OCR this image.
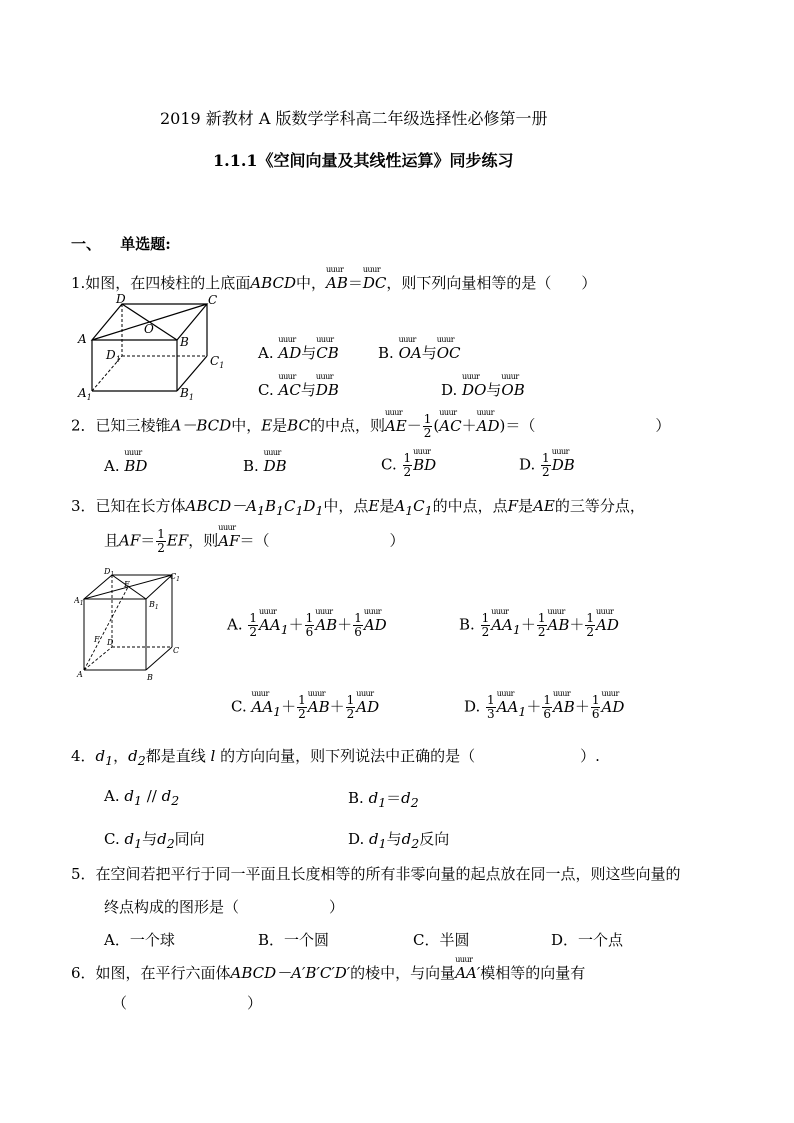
2019 新教材 A 版数学学科高二年级选择性必修第一册
1.1.1《空间向量及其线性运算》同步练习
一、 单选题:
1.如图，在四棱柱的上底面ABCD中，uuur AB＝uuur DC，则下列向量相等的是（　　）
D	C
O
A	B
$D_1$	$C_1$
$A_1$	$B_1$
A. uuur AD与uuur CB	B. uuur OA与uuur OC
C. uuur AC与uuur DB	D. uuur DO与uuur OB
2．已知三棱锥A－BCD中，E是BC的中点，则uuur $AE- \frac{1}{2}$ (uuur AC＋uuur AD)＝（　　　　　　　　）
A. uuur BD	B. uuur DB	C. $\frac{1}{2}$ uuur BD	D. $\frac{1}{2}$ uuur DB
3．已知在长方体$ABCD-A_1B_1C_1D_1$中，点E是$A_1C_1$的中点，点F是AE的三等分点，
且$AF= \frac{1}{2}$ EF，则uuur AF＝（　　　　　　　　）
$D_1$	$C_1$
E
$A_1$	$B_1$
F D
C
A	B
A. $\frac{1}{2}$ uuur $AA_1+ \frac{1}{6}$ uuur $AB+ \frac{1}{6}$ uuur AD	B. $\frac{1}{2}$ uuur $AA_1+ \frac{1}{2}$ uuur $AB+ \frac{1}{2}$ uuur AD
C. uuur $AA_1+ \frac{1}{2}$ uuur $AB+ \frac{1}{2}$ uuur AD	D. $\frac{1}{3}$ uuur $AA_1+ \frac{1}{6}$ uuur $AB+ \frac{1}{6}$ uuur AD
4．$d_1$，$d_2$都是直线 l 的方向向量，则下列说法中正确的是（　　　　　　　）.
A. $d_1 // d_2$	B. $d_1=d_2$
C. $d_1$与$d_2$同向	D. $d_1$与$d_2$反向
5．在空间若把平行于同一平面且长度相等的所有非零向量的起点放在同一点，则这些向量的
终点构成的图形是（　　　　　　）
A．一个球	B．一个圆	C．半圆	D．一个点
6．如图，在平行六面体ABCD－A′B′C′D′的棱中，与向量uuur AA′模相等的向量有
（　　　　　　　　）
